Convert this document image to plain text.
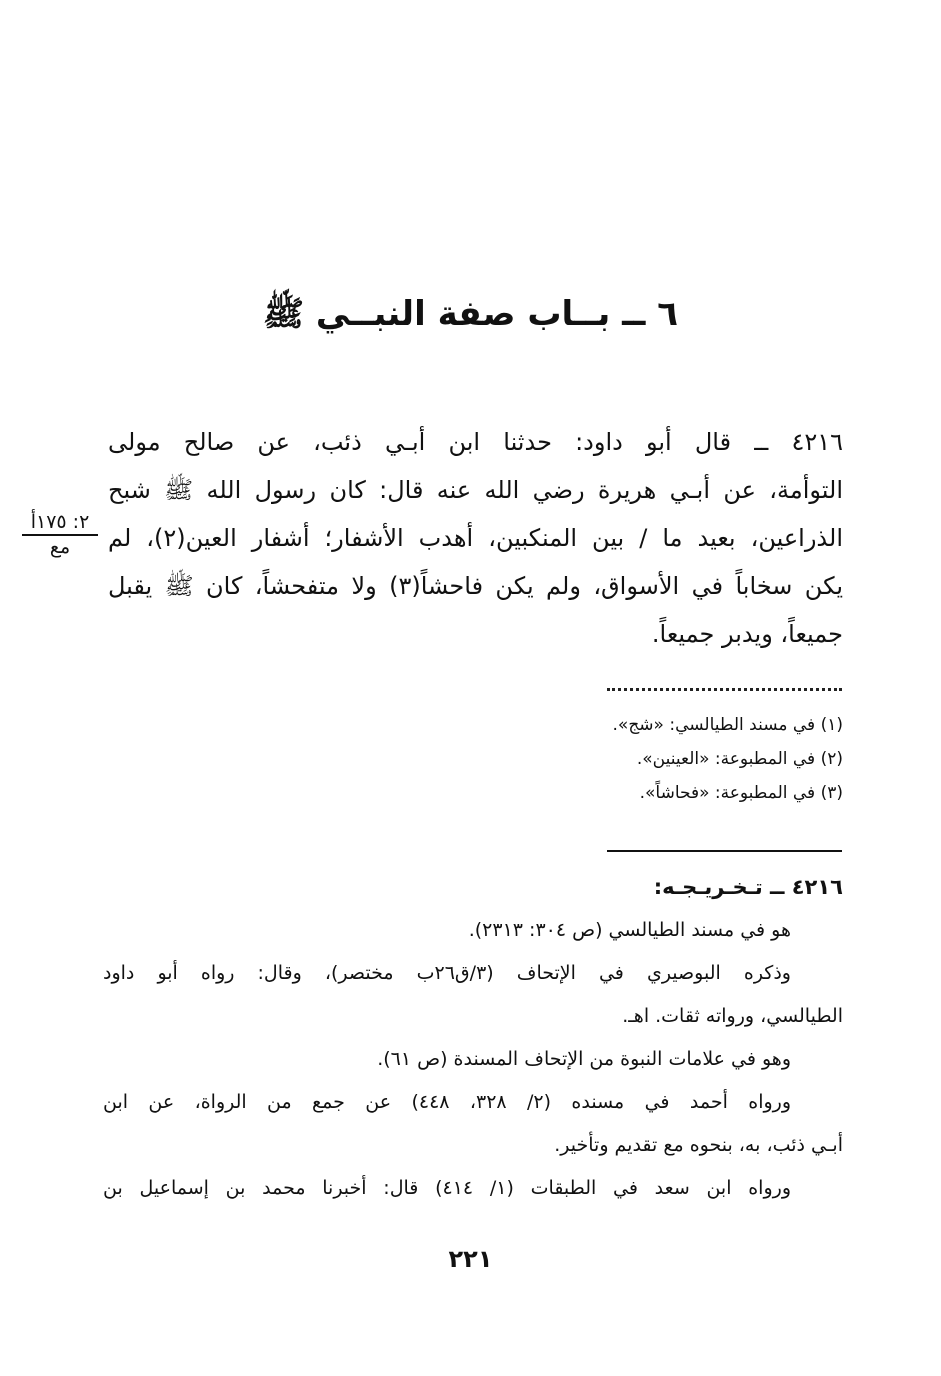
٦ ــ بــاب صفة النبــي ﷺ
٤٢١٦ ــ قال أبو داود: حدثنا ابن أبـي ذئب، عن صالح مولى
التوأمة، عن أبـي هريرة رضي الله عنه قال: كان رسول الله ﷺ شبح
الذراعين، بعيد ما / بين المنكبين، أهدب الأشفار؛ أشفار العين(٢)، لم
يكن سخاباً في الأسواق، ولم يكن فاحشاً(٣) ولا متفحشاً، كان ﷺ يقبل
جميعاً، ويدبر جميعاً.
٢: ١٧٥أ
مع
(١) في مسند الطيالسي: «شج».
(٢) في المطبوعة: «العينين».
(٣) في المطبوعة: «فحاشاً».
٤٢١٦ ــ تـخـريـجـه:
هو في مسند الطيالسي (ص ٣٠٤: ٢٣١٣).
وذكره البوصيري في الإتحاف (٣/ق٢٦ب مختصر)، وقال: رواه أبو داود
الطيالسي، ورواته ثقات. اهـ.
وهو في علامات النبوة من الإتحاف المسندة (ص ٦١).
ورواه أحمد في مسنده (٢/ ٣٢٨، ٤٤٨) عن جمع من الرواة، عن ابن
أبـي ذئب، به، بنحوه مع تقديم وتأخير.
ورواه ابن سعد في الطبقات (١/ ٤١٤) قال: أخبرنا محمد بن إسماعيل بن
٢٢١
